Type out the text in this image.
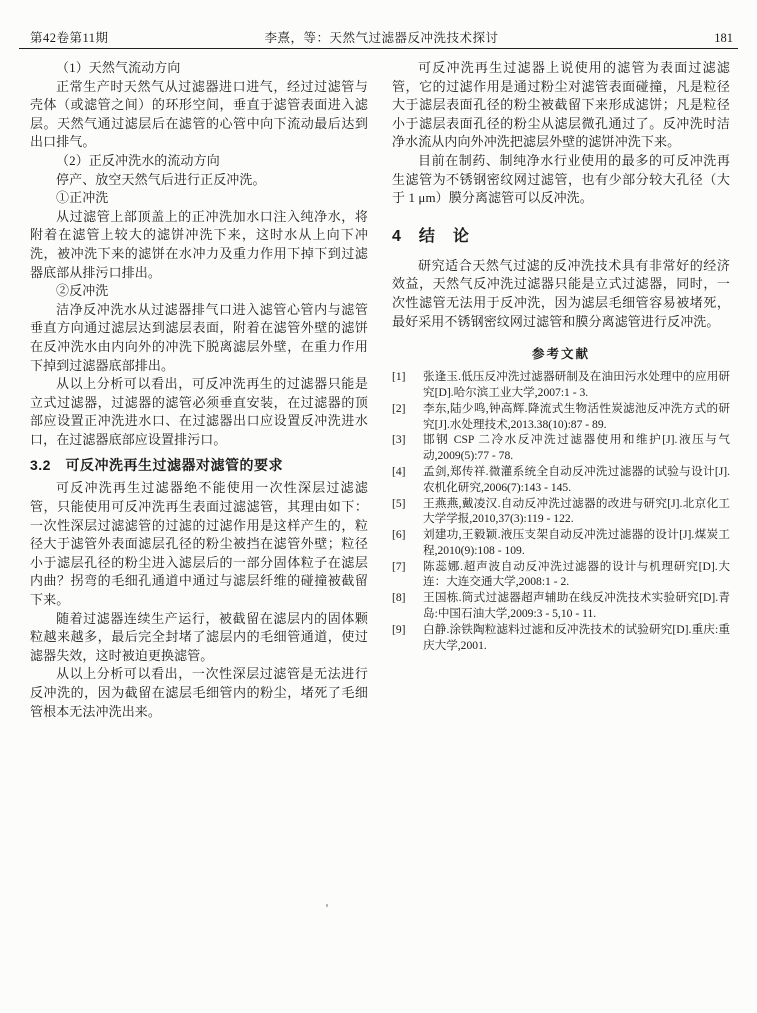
第42卷第11期	李熹，等：天然气过滤器反冲洗技术探讨	181

（1）天然气流动方向

正常生产时天然气从过滤器进口进气，经过过滤管与壳体（或滤管之间）的环形空间，垂直于滤管表面进入滤层。天然气通过滤层后在滤管的心管中向下流动最后达到出口排气。

（2）正反冲洗水的流动方向

停产、放空天然气后进行正反冲洗。

①正冲洗

从过滤管上部顶盖上的正冲洗加水口注入纯净水，将附着在滤管上较大的滤饼冲洗下来，这时水从上向下冲洗，被冲洗下来的滤饼在水冲力及重力作用下掉下到过滤器底部从排污口排出。

②反冲洗

洁净反冲洗水从过滤器排气口进入滤管心管内与滤管垂直方向通过滤层达到滤层表面，附着在滤管外壁的滤饼在反冲洗水由内向外的冲洗下脱离滤层外壁，在重力作用下掉到过滤器底部排出。

从以上分析可以看出，可反冲洗再生的过滤器只能是立式过滤器，过滤器的滤管必须垂直安装，在过滤器的顶部应设置正冲洗进水口、在过滤器出口应设置反冲洗进水口，在过滤器底部应设置排污口。

3.2　可反冲洗再生过滤器对滤管的要求

可反冲洗再生过滤器绝不能使用一次性深层过滤滤管，只能使用可反冲洗再生表面过滤滤管，其理由如下：一次性深层过滤滤管的过滤的过滤作用是这样产生的，粒径大于滤管外表面滤层孔径的粉尘被挡在滤管外壁；粒径小于滤层孔径的粉尘进入滤层后的一部分固体粒子在滤层内曲？拐弯的毛细孔通道中通过与滤层纤维的碰撞被截留下来。

随着过滤器连续生产运行，被截留在滤层内的固体颗粒越来越多，最后完全封堵了滤层内的毛细管通道，使过滤器失效，这时被迫更换滤管。

从以上分析可以看出，一次性深层过滤管是无法进行反冲洗的，因为截留在滤层毛细管内的粉尘，堵死了毛细管根本无法冲洗出来。

可反冲洗再生过滤器上说使用的滤管为表面过滤滤管，它的过滤作用是通过粉尘对滤管表面碰撞，凡是粒径大于滤层表面孔径的粉尘被截留下来形成滤饼；凡是粒径小于滤层表面孔径的粉尘从滤层微孔通过了。反冲洗时洁净水流从内向外冲洗把滤层外壁的滤饼冲洗下来。

目前在制药、制纯净水行业使用的最多的可反冲洗再生滤管为不锈钢密纹网过滤管，也有少部分较大孔径（大于 1 μm）膜分离滤管可以反冲洗。

4　结　论

研究适合天然气过滤的反冲洗技术具有非常好的经济效益，天然气反冲洗过滤器只能是立式过滤器，同时，一次性滤管无法用于反冲洗，因为滤层毛细管容易被堵死，最好采用不锈钢密纹网过滤管和膜分离滤管进行反冲洗。

参考文献
[1]	张逢玉.低压反冲洗过滤器研制及在油田污水处理中的应用研究[D].哈尔滨工业大学,2007:1 - 3.
[2]	李东,陆少鸣,钟高辉.降流式生物活性炭滤池反冲洗方式的研究[J].水处理技术,2013.38(10):87 - 89.
[3]	邯钢 CSP 二冷水反冲洗过滤器使用和维护[J].液压与气动,2009(5):77 - 78.
[4]	孟剑,郑传祥.微灌系统全自动反冲洗过滤器的试验与设计[J].农机化研究,2006(7):143 - 145.
[5]	王燕燕,戴凌汉.自动反冲洗过滤器的改进与研究[J].北京化工大学学报,2010,37(3):119 - 122.
[6]	刘建功,王毅颖.液压支架自动反冲洗过滤器的设计[J].煤炭工程,2010(9):108 - 109.
[7]	陈蕊娜.超声波自动反冲洗过滤器的设计与机理研究[D].大连：大连交通大学,2008:1 - 2.
[8]	王国栋.筒式过滤器超声辅助在线反冲洗技术实验研究[D].青岛:中国石油大学,2009:3 - 5,10 - 11.
[9]	白静.涂铁陶粒滤料过滤和反冲洗技术的试验研究[D].重庆:重庆大学,2001.
